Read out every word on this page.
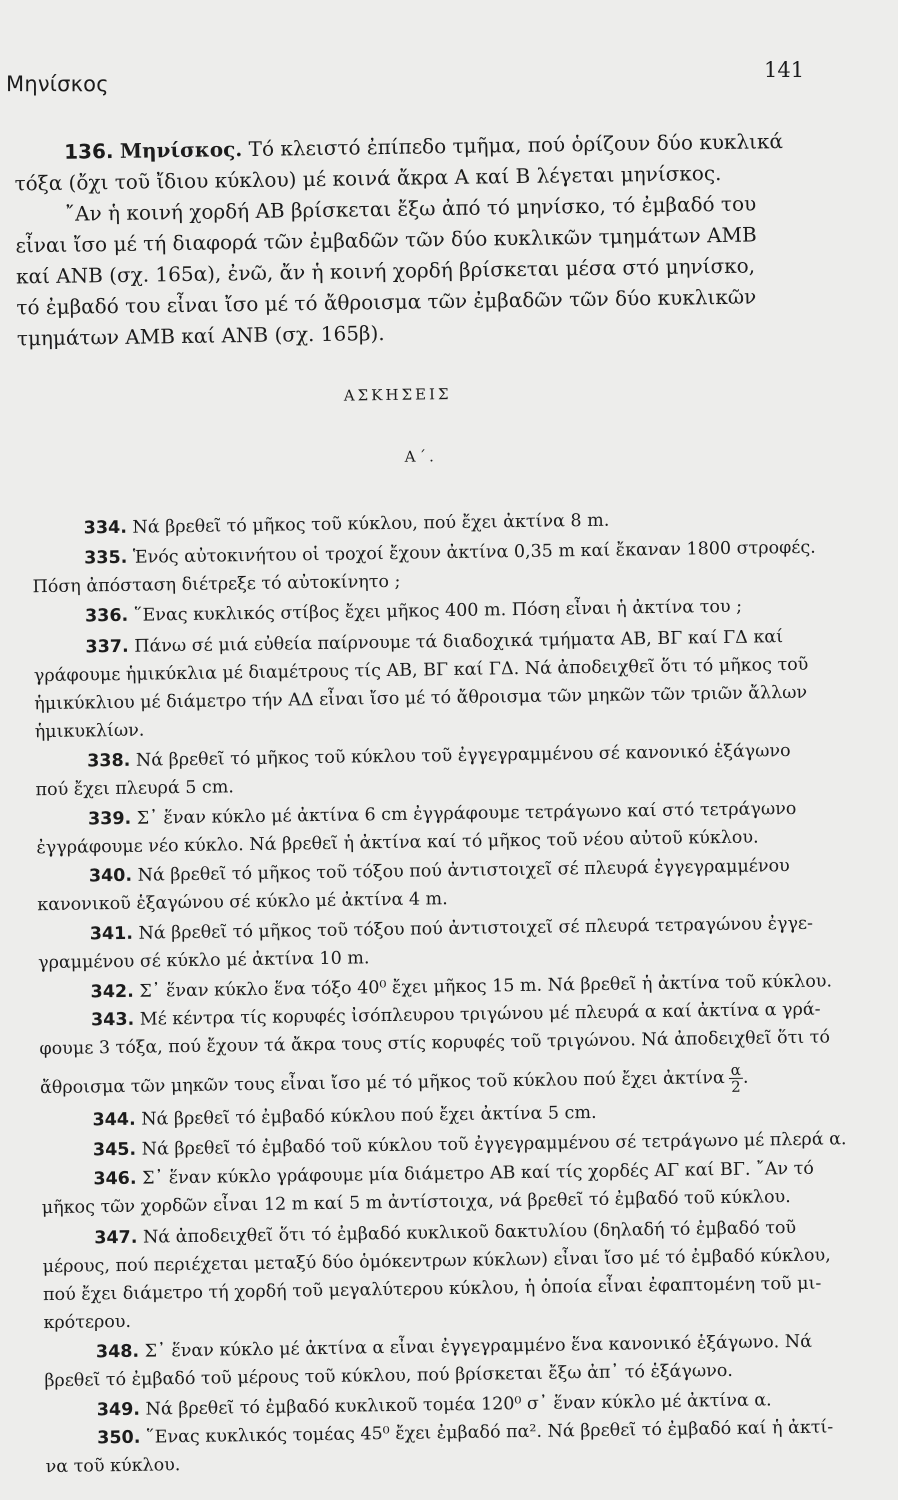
Μηνίσκος
141
136. Μηνίσκος. Τό κλειστό ἐπίπεδο τμῆμα, πού ὁρίζουν δύο κυκλικά
τόξα (ὄχι τοῦ ἴδιου κύκλου) μέ κοινά ἄκρα Α καί Β λέγεται μηνίσκος.
῎Αν ἡ κοινή χορδή ΑΒ βρίσκεται ἔξω ἀπό τό μηνίσκο, τό ἐμβαδό του
εἶναι ἴσο μέ τή διαφορά τῶν ἐμβαδῶν τῶν δύο κυκλικῶν τμημάτων ΑΜΒ
καί ΑΝΒ (σχ. 165α), ἐνῶ, ἄν ἡ κοινή χορδή βρίσκεται μέσα στό μηνίσκο,
τό ἐμβαδό του εἶναι ἴσο μέ τό ἄθροισμα τῶν ἐμβαδῶν τῶν δύο κυκλικῶν
τμημάτων ΑΜΒ καί ΑΝΒ (σχ. 165β).
ΑΣΚΗΣΕΙΣ
Α΄.
334. Νά βρεθεῖ τό μῆκος τοῦ κύκλου, πού ἔχει ἀκτίνα 8 m.
335. Ἑνός αὐτοκινήτου οἱ τροχοί ἔχουν ἀκτίνα 0,35 m καί ἔκαναν 1800 στροφές.
Πόση ἀπόσταση διέτρεξε τό αὐτοκίνητο ;
336. ῞Ενας κυκλικός στίβος ἔχει μῆκος 400 m. Πόση εἶναι ἡ ἀκτίνα του ;
337. Πάνω σέ μιά εὐθεία παίρνουμε τά διαδοχικά τμήματα ΑΒ, ΒΓ καί ΓΔ καί
γράφουμε ἡμικύκλια μέ διαμέτρους τίς ΑΒ, ΒΓ καί ΓΔ. Νά ἀποδειχθεῖ ὅτι τό μῆκος τοῦ
ἡμικύκλιου μέ διάμετρο τήν ΑΔ εἶναι ἴσο μέ τό ἄθροισμα τῶν μηκῶν τῶν τριῶν ἄλλων
ἡμικυκλίων.
338. Νά βρεθεῖ τό μῆκος τοῦ κύκλου τοῦ ἐγγεγραμμένου σέ κανονικό ἑξάγωνο
πού ἔχει πλευρά 5 cm.
339. Σ᾽ ἕναν κύκλο μέ ἀκτίνα 6 cm ἐγγράφουμε τετράγωνο καί στό τετράγωνο
ἐγγράφουμε νέο κύκλο. Νά βρεθεῖ ἡ ἀκτίνα καί τό μῆκος τοῦ νέου αὐτοῦ κύκλου.
340. Νά βρεθεῖ τό μῆκος τοῦ τόξου πού ἀντιστοιχεῖ σέ πλευρά ἐγγεγραμμένου
κανονικοῦ ἑξαγώνου σέ κύκλο μέ ἀκτίνα 4 m.
341. Νά βρεθεῖ τό μῆκος τοῦ τόξου πού ἀντιστοιχεῖ σέ πλευρά τετραγώνου ἐγγε-
γραμμένου σέ κύκλο μέ ἀκτίνα 10 m.
342. Σ᾽ ἕναν κύκλο ἕνα τόξο 40⁰ ἔχει μῆκος 15 m. Νά βρεθεῖ ἡ ἀκτίνα τοῦ κύκλου.
343. Μέ κέντρα τίς κορυφές ἰσόπλευρου τριγώνου μέ πλευρά α καί ἀκτίνα α γρά-
φουμε 3 τόξα, πού ἔχουν τά ἄκρα τους στίς κορυφές τοῦ τριγώνου. Νά ἀποδειχθεῖ ὅτι τό
ἄθροισμα τῶν μηκῶν τους εἶναι ἴσο μέ τό μῆκος τοῦ κύκλου πού ἔχει ἀκτίνα $\frac{\alpha}{2}$ .
344. Νά βρεθεῖ τό ἐμβαδό κύκλου πού ἔχει ἀκτίνα 5 cm.
345. Νά βρεθεῖ τό ἐμβαδό τοῦ κύκλου τοῦ ἐγγεγραμμένου σέ τετράγωνο μέ πλερά α.
346. Σ᾽ ἕναν κύκλο γράφουμε μία διάμετρο ΑΒ καί τίς χορδές ΑΓ καί ΒΓ. ῎Αν τό
μῆκος τῶν χορδῶν εἶναι 12 m καί 5 m ἀντίστοιχα, νά βρεθεῖ τό ἐμβαδό τοῦ κύκλου.
347. Νά ἀποδειχθεῖ ὅτι τό ἐμβαδό κυκλικοῦ δακτυλίου (δηλαδή τό ἐμβαδό τοῦ
μέρους, πού περιέχεται μεταξύ δύο ὁμόκεντρων κύκλων) εἶναι ἴσο μέ τό ἐμβαδό κύκλου,
πού ἔχει διάμετρο τή χορδή τοῦ μεγαλύτερου κύκλου, ἡ ὁποία εἶναι ἐφαπτομένη τοῦ μι-
κρότερου.
348. Σ᾽ ἕναν κύκλο μέ ἀκτίνα α εἶναι ἐγγεγραμμένο ἕνα κανονικό ἑξάγωνο. Νά
βρεθεῖ τό ἐμβαδό τοῦ μέρους τοῦ κύκλου, πού βρίσκεται ἔξω ἀπ᾽ τό ἑξάγωνο.
349. Νά βρεθεῖ τό ἐμβαδό κυκλικοῦ τομέα 120⁰ σ᾽ ἕναν κύκλο μέ ἀκτίνα α.
350. ῞Ενας κυκλικός τομέας 45⁰ ἔχει ἐμβαδό πα². Νά βρεθεῖ τό ἐμβαδό καί ἡ ἀκτί-
να τοῦ κύκλου.
